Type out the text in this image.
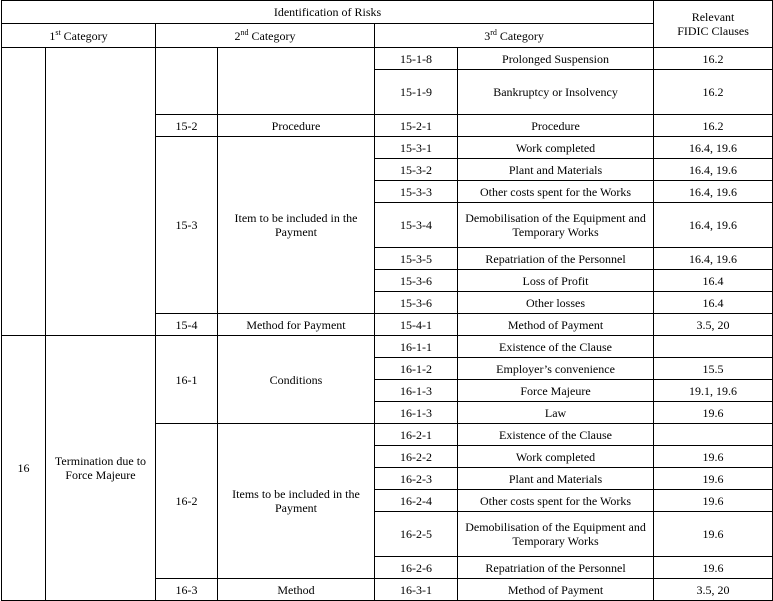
Identification of Risks						Relevant
FIDIC Clauses
1st Category		2nd Category		3rd Category		
				15-1-8	Prolonged Suspension	16.2
				15-1-9	Bankruptcy or Insolvency	16.2
		15-2	Procedure	15-2-1	Procedure	16.2
		15-3	Item to be included in the
Payment	15-3-1	Work completed	16.4, 19.6
				15-3-2	Plant and Materials	16.4, 19.6
				15-3-3	Other costs spent for the Works	16.4, 19.6
				15-3-4	Demobilisation of the Equipment and
Temporary Works	16.4, 19.6
				15-3-5	Repatriation of the Personnel	16.4, 19.6
				15-3-6	Loss of Profit	16.4
				15-3-6	Other losses	16.4
		15-4	Method for Payment	15-4-1	Method of Payment	3.5, 20
16	Termination due to
Force Majeure	16-1	Conditions	16-1-1	Existence of the Clause	
				16-1-2	Employer’s convenience	15.5
				16-1-3	Force Majeure	19.1, 19.6
				16-1-3	Law	19.6
		16-2	Items to be included in the
Payment	16-2-1	Existence of the Clause	
				16-2-2	Work completed	19.6
				16-2-3	Plant and Materials	19.6
				16-2-4	Other costs spent for the Works	19.6
				16-2-5	Demobilisation of the Equipment and
Temporary Works	19.6
				16-2-6	Repatriation of the Personnel	19.6
		16-3	Method	16-3-1	Method of Payment	3.5, 20
